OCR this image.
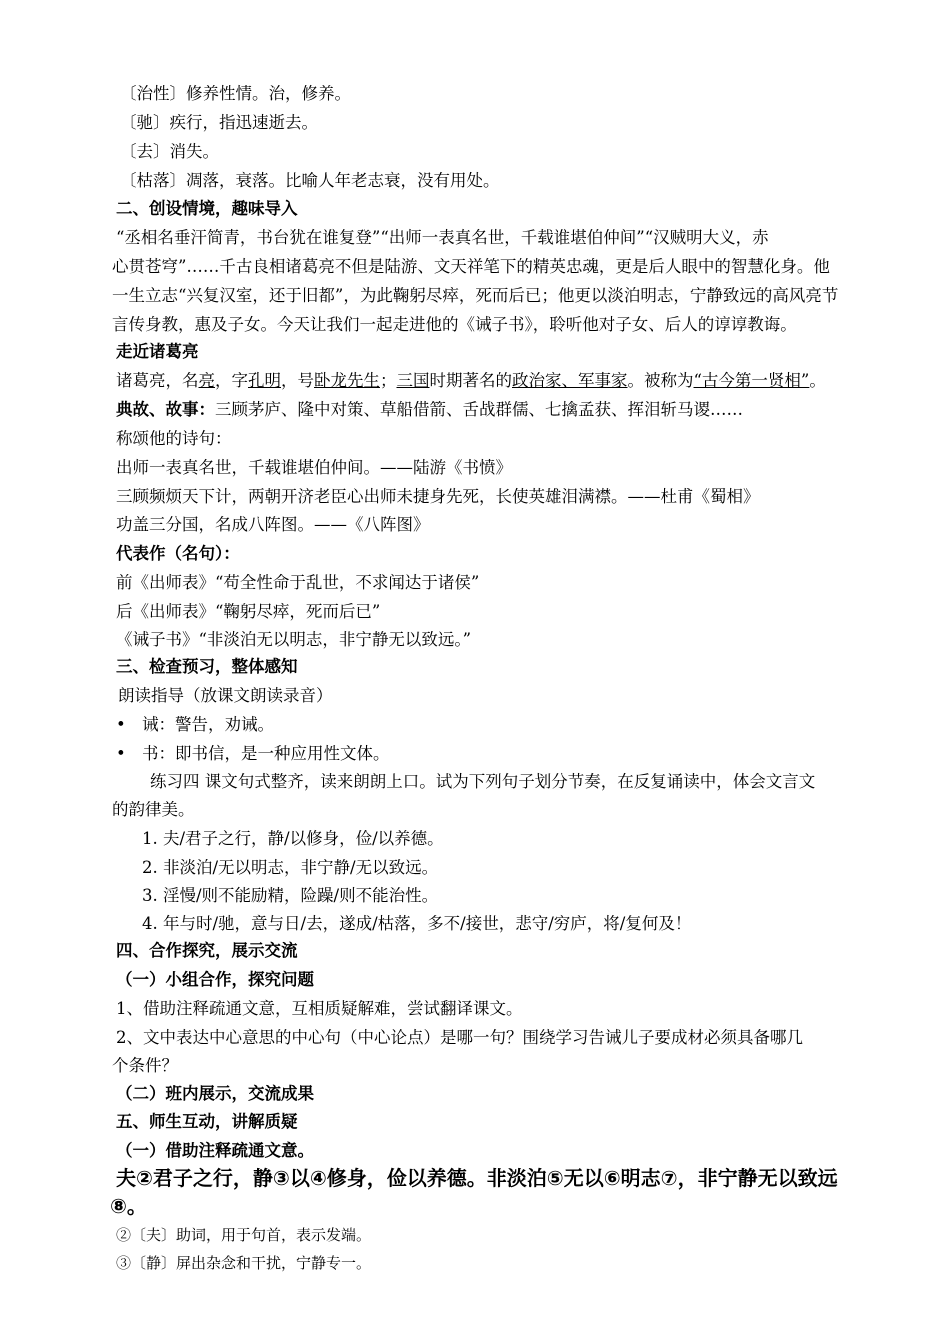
〔治性〕修养性情。治，修养。
〔驰〕疾行，指迅速逝去。
〔去〕消失。
〔枯落〕凋落，衰落。比喻人年老志衰，没有用处。
二、创设情境，趣味导入
“丞相名垂汗简青，书台犹在谁复登”“出师一表真名世，千载谁堪伯仲间”“汉贼明大义，赤
心贯苍穹”……千古良相诸葛亮不但是陆游、文天祥笔下的精英忠魂，更是后人眼中的智慧化身。他
一生立志“兴复汉室，还于旧都”，为此鞠躬尽瘁，死而后已；他更以淡泊明志，宁静致远的高风亮节
言传身教，惠及子女。今天让我们一起走进他的《诫子书》，聆听他对子女、后人的谆谆教诲。
走近诸葛亮
诸葛亮，名亮，字孔明，号卧龙先生；三国时期著名的政治家、军事家。被称为“古今第一贤相”。
典故、故事：三顾茅庐、隆中对策、草船借箭、舌战群儒、七擒孟获、挥泪斩马谡……
称颂他的诗句：
出师一表真名世，千载谁堪伯仲间。——陆游《书愤》
三顾频烦天下计，两朝开济老臣心出师未捷身先死，长使英雄泪满襟。——杜甫《蜀相》
功盖三分国，名成八阵图。——《八阵图》
代表作（名句）：
前《出师表》“苟全性命于乱世，不求闻达于诸侯”
后《出师表》“鞠躬尽瘁，死而后已”
《诫子书》“非淡泊无以明志，非宁静无以致远。”
三、检查预习，整体感知
朗读指导（放课文朗读录音）
• 诫：警告，劝诫。
• 书：即书信，是一种应用性文体。
练习四 课文句式整齐，读来朗朗上口。试为下列句子划分节奏，在反复诵读中，体会文言文
的韵律美。
1. 夫/君子之行，静/以修身，俭/以养德。
2. 非淡泊/无以明志，非宁静/无以致远。
3. 淫慢/则不能励精，险躁/则不能治性。
4. 年与时/驰，意与日/去，遂成/枯落，多不/接世，悲守/穷庐，将/复何及！
四、合作探究，展示交流
（一）小组合作，探究问题
1、借助注释疏通文意，互相质疑解难，尝试翻译课文。
2、文中表达中心意思的中心句（中心论点）是哪一句？围绕学习告诫儿子要成材必须具备哪几
个条件？
（二）班内展示，交流成果
五、师生互动，讲解质疑
（一）借助注释疏通文意。
夫②君子之行，静③以④修身，俭以养德。非淡泊⑤无以⑥明志⑦，非宁静无以致远
⑧。
②〔夫〕助词，用于句首，表示发端。
③〔静〕屏出杂念和干扰，宁静专一。
